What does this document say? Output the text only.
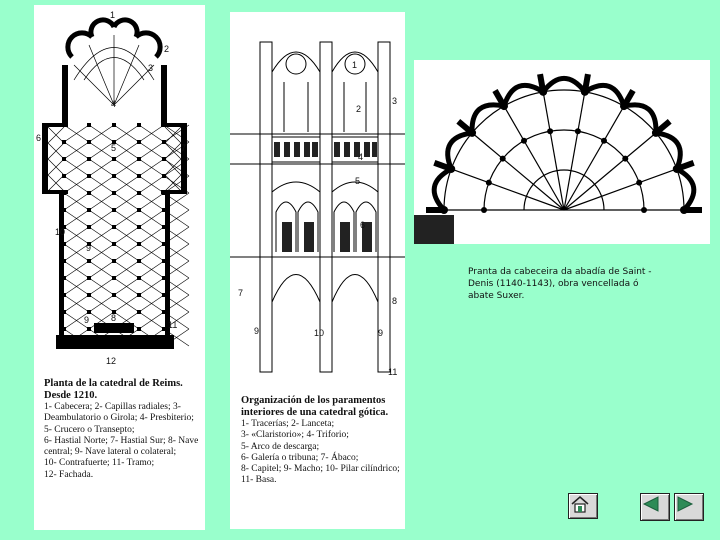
1
2
3
4
5
6
7
10
9
8
9	11
12
Planta de la catedral de Reims. Desde 1210.
1- Cabecera; 2- Capillas radiales; 3- Deambulatorio o Girola; 4- Presbiterio;
5- Crucero o Transepto;
6- Hastial Norte; 7- Hastial Sur; 8- Nave central; 9- Nave lateral o colateral;
10- Contrafuerte; 11- Tramo;
12- Fachada.
1
2
3
4
5
6
7
8
9	10	9
11
Organización de los paramentos interiores de una catedral gótica.
1- Tracerías; 2- Lanceta;
3- «Claristorio»; 4- Triforio;
5- Arco de descarga;
6- Galería o tribuna; 7- Ábaco;
8- Capitel; 9- Macho; 10- Pilar cilíndrico; 11- Basa.
Pranta da cabeceira da abadía de Saint -Denis (1140-1143), obra vencellada ó abate Suxer.
